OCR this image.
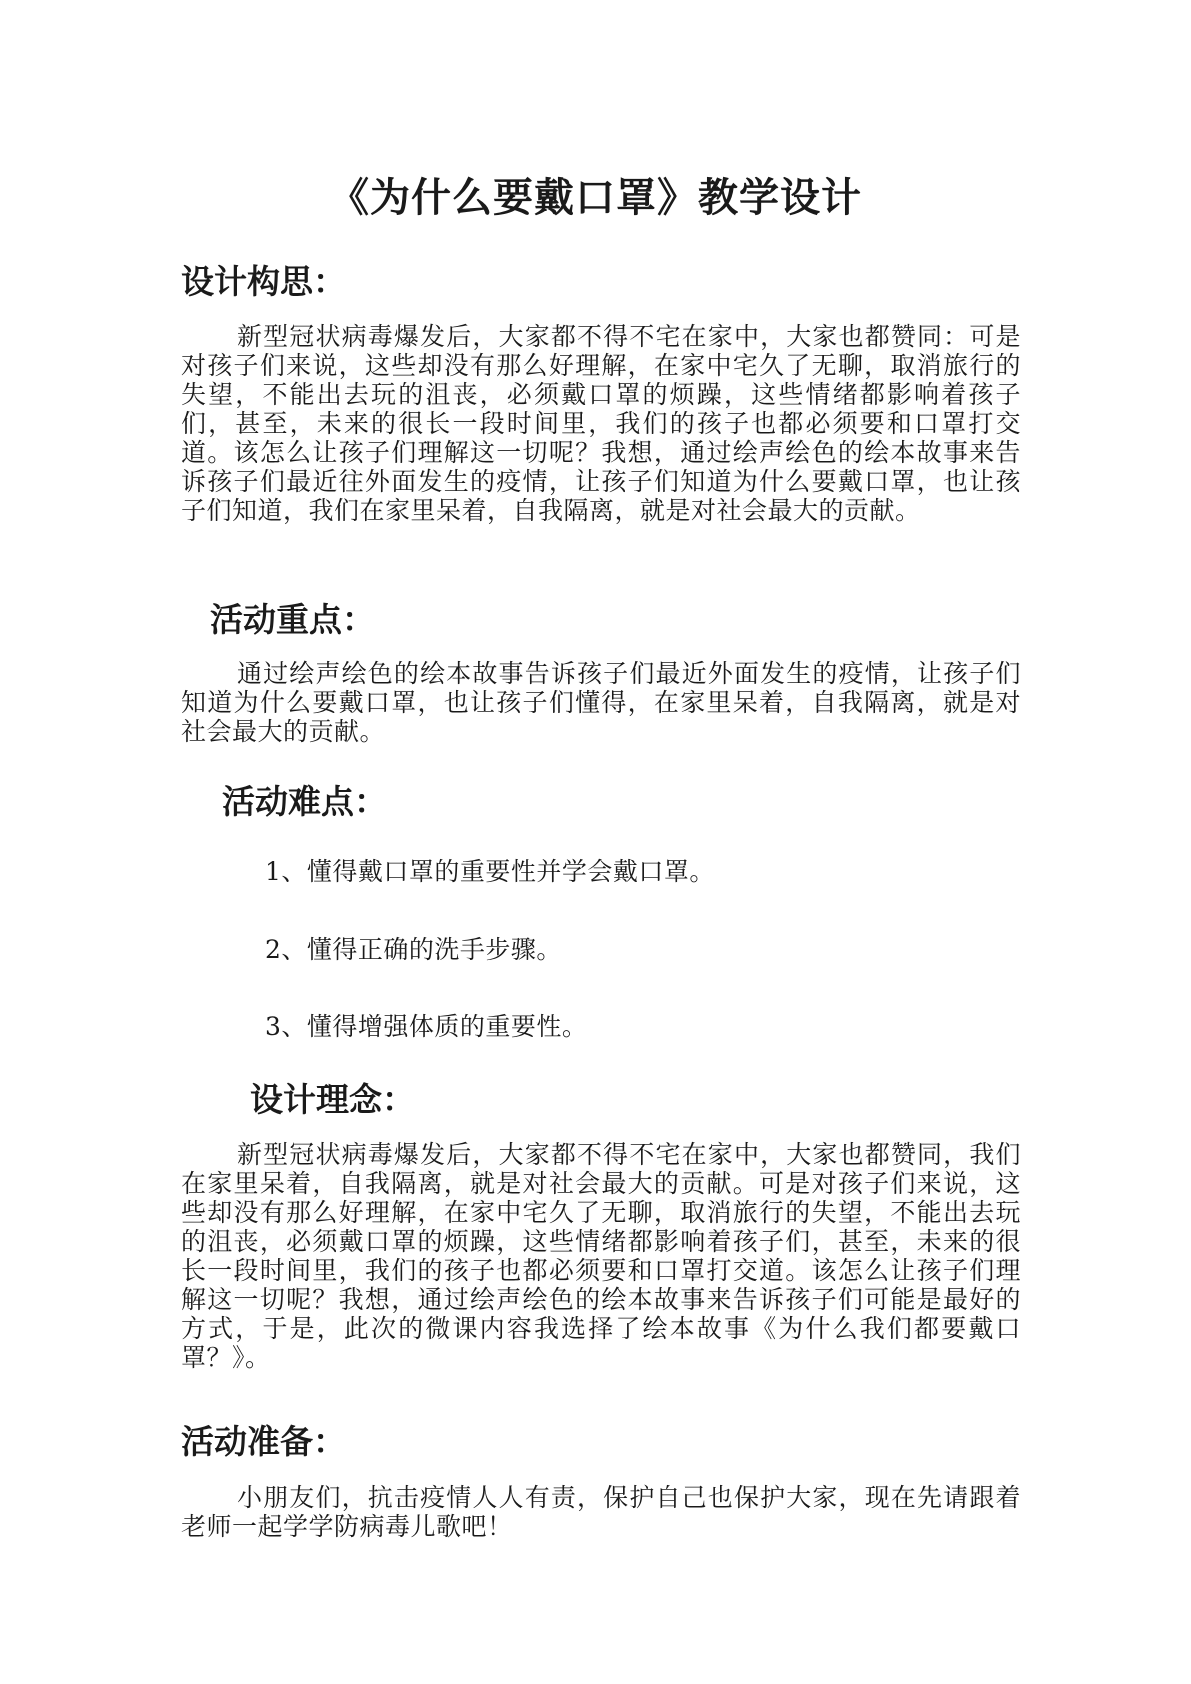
《为什么要戴口罩》教学设计
设计构思：

新型冠状病毒爆发后，大家都不得不宅在家中，大家也都赞同：可是对孩子们来说，这些却没有那么好理解，在家中宅久了无聊，取消旅行的失望，不能出去玩的沮丧，必须戴口罩的烦躁，这些情绪都影响着孩子们，甚至，未来的很长一段时间里，我们的孩子也都必须要和口罩打交道。该怎么让孩子们理解这一切呢？我想，通过绘声绘色的绘本故事来告诉孩子们最近往外面发生的疫情，让孩子们知道为什么要戴口罩，也让孩子们知道，我们在家里呆着，自我隔离，就是对社会最大的贡献。

活动重点：

通过绘声绘色的绘本故事告诉孩子们最近外面发生的疫情，让孩子们知道为什么要戴口罩，也让孩子们懂得，在家里呆着，自我隔离，就是对社会最大的贡献。

活动难点：

1、懂得戴口罩的重要性并学会戴口罩。

2、懂得正确的洗手步骤。

3、懂得增强体质的重要性。

设计理念：

新型冠状病毒爆发后，大家都不得不宅在家中，大家也都赞同，我们在家里呆着，自我隔离，就是对社会最大的贡献。可是对孩子们来说，这些却没有那么好理解，在家中宅久了无聊，取消旅行的失望，不能出去玩的沮丧，必须戴口罩的烦躁，这些情绪都影响着孩子们，甚至，未来的很长一段时间里，我们的孩子也都必须要和口罩打交道。该怎么让孩子们理解这一切呢？我想，通过绘声绘色的绘本故事来告诉孩子们可能是最好的方式，于是，此次的微课内容我选择了绘本故事《为什么我们都要戴口罩？》。

活动准备：

小朋友们，抗击疫情人人有责，保护自己也保护大家，现在先请跟着老师一起学学防病毒儿歌吧！
